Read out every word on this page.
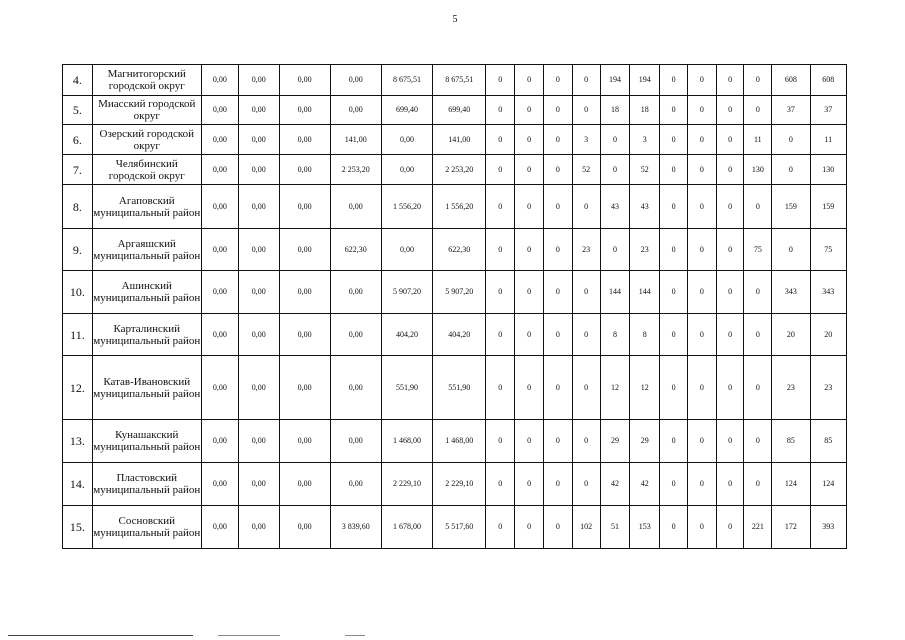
5
4.	Магнитогорский городской округ	0,00	0,00	0,00	0,00	8 675,51	8 675,51	0	0	0	0	194	194	0	0	0	0	608	608
5.	Миасский городской округ	0,00	0,00	0,00	0,00	699,40	699,40	0	0	0	0	18	18	0	0	0	0	37	37
6.	Озерский городской округ	0,00	0,00	0,00	141,00	0,00	141,00	0	0	0	3	0	3	0	0	0	11	0	11
7.	Челябинский городской округ	0,00	0,00	0,00	2 253,20	0,00	2 253,20	0	0	0	52	0	52	0	0	0	130	0	130
8.	Агаповский муниципальный район	0,00	0,00	0,00	0,00	1 556,20	1 556,20	0	0	0	0	43	43	0	0	0	0	159	159
9.	Аргаяшский муниципальный район	0,00	0,00	0,00	622,30	0,00	622,30	0	0	0	23	0	23	0	0	0	75	0	75
10.	Ашинский муниципальный район	0,00	0,00	0,00	0,00	5 907,20	5 907,20	0	0	0	0	144	144	0	0	0	0	343	343
11.	Карталинский муниципальный район	0,00	0,00	0,00	0,00	404,20	404,20	0	0	0	0	8	8	0	0	0	0	20	20
12.	Катав-Ивановский муниципальный район	0,00	0,00	0,00	0,00	551,90	551,90	0	0	0	0	12	12	0	0	0	0	23	23
13.	Кунашакский муниципальный район	0,00	0,00	0,00	0,00	1 468,00	1 468,00	0	0	0	0	29	29	0	0	0	0	85	85
14.	Пластовский муниципальный район	0,00	0,00	0,00	0,00	2 229,10	2 229,10	0	0	0	0	42	42	0	0	0	0	124	124
15.	Сосновский муниципальный район	0,00	0,00	0,00	3 839,60	1 678,00	5 517,60	0	0	0	102	51	153	0	0	0	221	172	393
